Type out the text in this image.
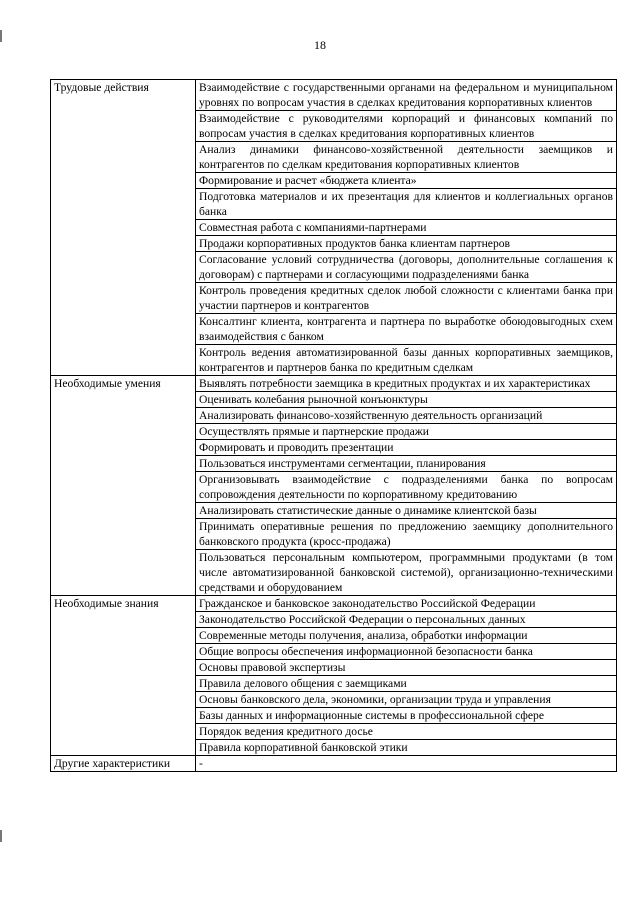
18
Трудовые действия	Взаимодействие с государственными органами на федеральном и муниципальном уровнях по вопросам участия в сделках кредитования корпоративных клиентов
	Взаимодействие с руководителями корпораций и финансовых компаний по вопросам участия в сделках кредитования корпоративных клиентов
	Анализ динамики финансово-хозяйственной деятельности заемщиков и контрагентов по сделкам кредитования корпоративных клиентов
	Формирование и расчет «бюджета клиента»
	Подготовка материалов и их презентация для клиентов и коллегиальных органов банка
	Совместная работа с компаниями-партнерами
	Продажи корпоративных продуктов банка клиентам партнеров
	Согласование условий сотрудничества (договоры, дополнительные соглашения к договорам) с партнерами и согласующими подразделениями банка
	Контроль проведения кредитных сделок любой сложности с клиентами банка при участии партнеров и контрагентов
	Консалтинг клиента, контрагента и партнера по выработке обоюдовыгодных схем взаимодействия с банком
	Контроль ведения автоматизированной базы данных корпоративных заемщиков, контрагентов и партнеров банка по кредитным сделкам
Необходимые умения	Выявлять потребности заемщика в кредитных продуктах и их характеристиках
	Оценивать колебания рыночной конъюнктуры
	Анализировать финансово-хозяйственную деятельность организаций
	Осуществлять прямые и партнерские продажи
	Формировать и проводить презентации
	Пользоваться инструментами сегментации, планирования
	Организовывать взаимодействие с подразделениями банка по вопросам сопровождения деятельности по корпоративному кредитованию
	Анализировать статистические данные о динамике клиентской базы
	Принимать оперативные решения по предложению заемщику дополнительного банковского продукта (кросс-продажа)
	Пользоваться персональным компьютером, программными продуктами (в том числе автоматизированной банковской системой), организационно-техническими средствами и оборудованием
Необходимые знания	Гражданское и банковское законодательство Российской Федерации
	Законодательство Российской Федерации о персональных данных
	Современные методы получения, анализа, обработки информации
	Общие вопросы обеспечения информационной безопасности банка
	Основы правовой экспертизы
	Правила делового общения с заемщиками
	Основы банковского дела, экономики, организации труда и управления
	Базы данных и информационные системы в профессиональной сфере
	Порядок ведения кредитного досье
	Правила корпоративной банковской этики
Другие характеристики	-
